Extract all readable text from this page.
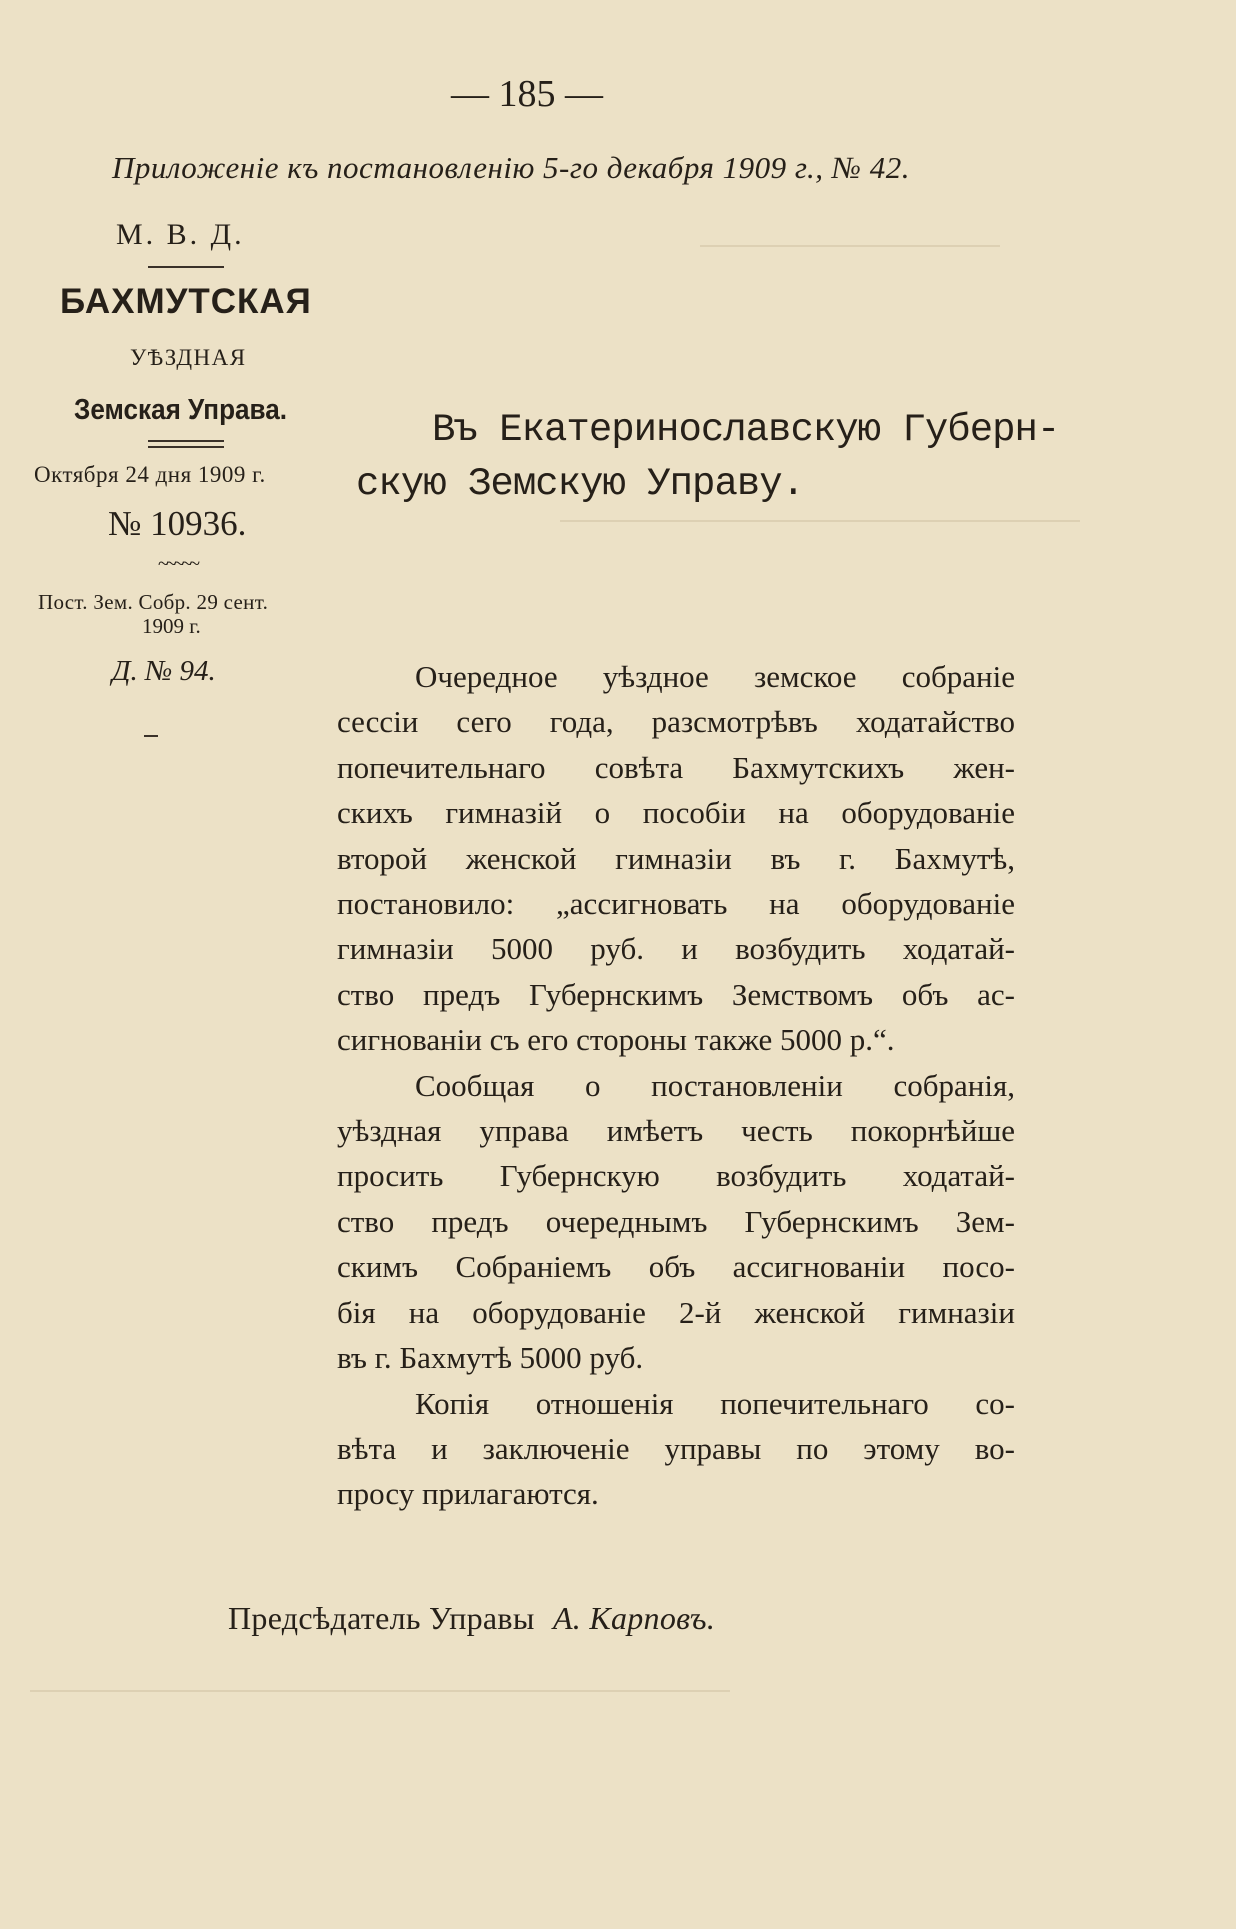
— 185 —
Приложеніе къ постановленію 5-го декабря 1909 г., № 42.
М. В. Д.
БАХМУТСКАЯ
УѢЗДНАЯ
Земская Управа.
Октября 24 дня 1909 г.
№ 10936.
~~~~~
Пост. Зем. Собр. 29 сент.
1909 г.
Д. № 94.
Въ Екатеринославскую Губерн-
скую Земскую Управу.
Очередное уѣздное земское собраніе
сессіи сего года, разсмотрѣвъ ходатайство
попечительнаго совѣта Бахмутскихъ жен-
скихъ гимназій о пособіи на оборудованіе
второй женской гимназіи въ г. Бахмутѣ,
постановило: „ассигновать на оборудованіе
гимназіи 5000 руб. и возбудить ходатай-
ство предъ Губернскимъ Земствомъ объ ас-
сигнованіи съ его стороны также 5000 р.“.
Сообщая о постановленіи собранія,
уѣздная управа имѣетъ честь покорнѣйше
просить Губернскую возбудить ходатай-
ство предъ очереднымъ Губернскимъ Зем-
скимъ Собраніемъ объ ассигнованіи посо-
бія на оборудованіе 2-й женской гимназіи
въ г. Бахмутѣ 5000 руб.
Копія отношенія попечительнаго со-
вѣта и заключеніе управы по этому во-
просу прилагаются.
Предсѣдатель Управы А. Карповъ.
